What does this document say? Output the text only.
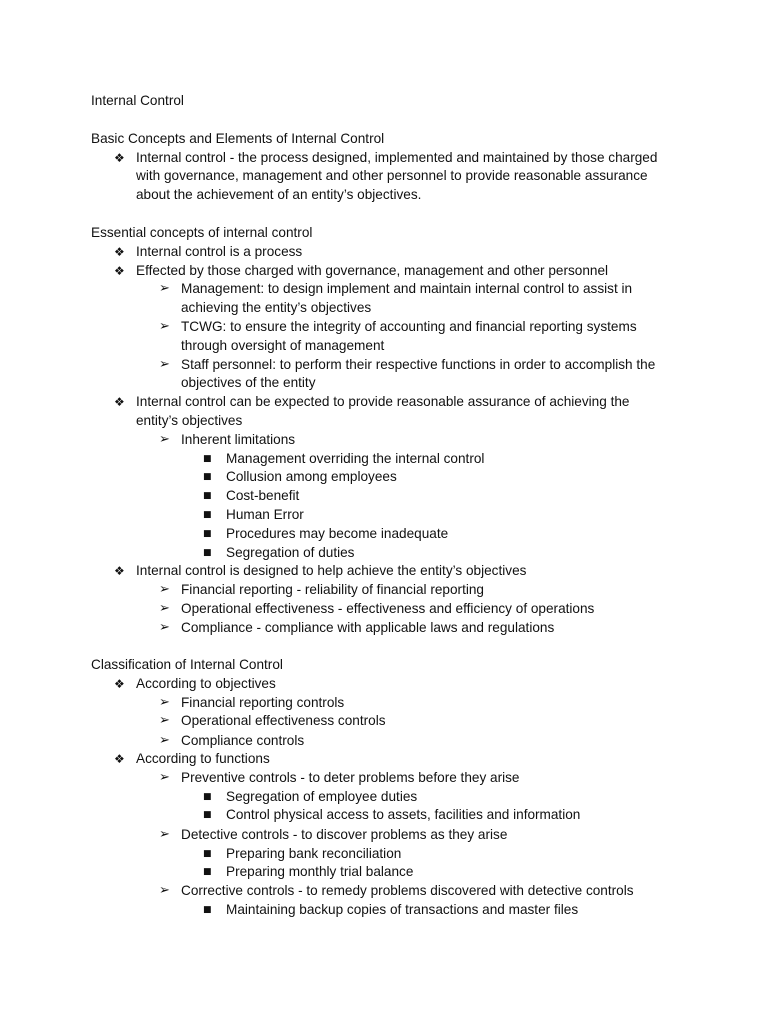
Internal Control
Basic Concepts and Elements of Internal Control
❖ Internal control - the process designed, implemented and maintained by those charged
with governance, management and other personnel to provide reasonable assurance
about the achievement of an entity’s objectives.
Essential concepts of internal control
❖ Internal control is a process
❖ Effected by those charged with governance, management and other personnel
➢ Management: to design implement and maintain internal control to assist in
achieving the entity’s objectives
➢ TCWG: to ensure the integrity of accounting and financial reporting systems
through oversight of management
➢ Staff personnel: to perform their respective functions in order to accomplish the
objectives of the entity
❖ Internal control can be expected to provide reasonable assurance of achieving the
entity’s objectives
➢ Inherent limitations
■ Management overriding the internal control
■ Collusion among employees
■ Cost-benefit
■ Human Error
■ Procedures may become inadequate
■ Segregation of duties
❖ Internal control is designed to help achieve the entity’s objectives
➢ Financial reporting - reliability of financial reporting
➢ Operational effectiveness - effectiveness and efficiency of operations
➢ Compliance - compliance with applicable laws and regulations
Classification of Internal Control
❖ According to objectives
➢ Financial reporting controls
➢ Operational effectiveness controls
➢ Compliance controls
❖ According to functions
➢ Preventive controls - to deter problems before they arise
■ Segregation of employee duties
■ Control physical access to assets, facilities and information
➢ Detective controls - to discover problems as they arise
■ Preparing bank reconciliation
■ Preparing monthly trial balance
➢ Corrective controls - to remedy problems discovered with detective controls
■ Maintaining backup copies of transactions and master files
